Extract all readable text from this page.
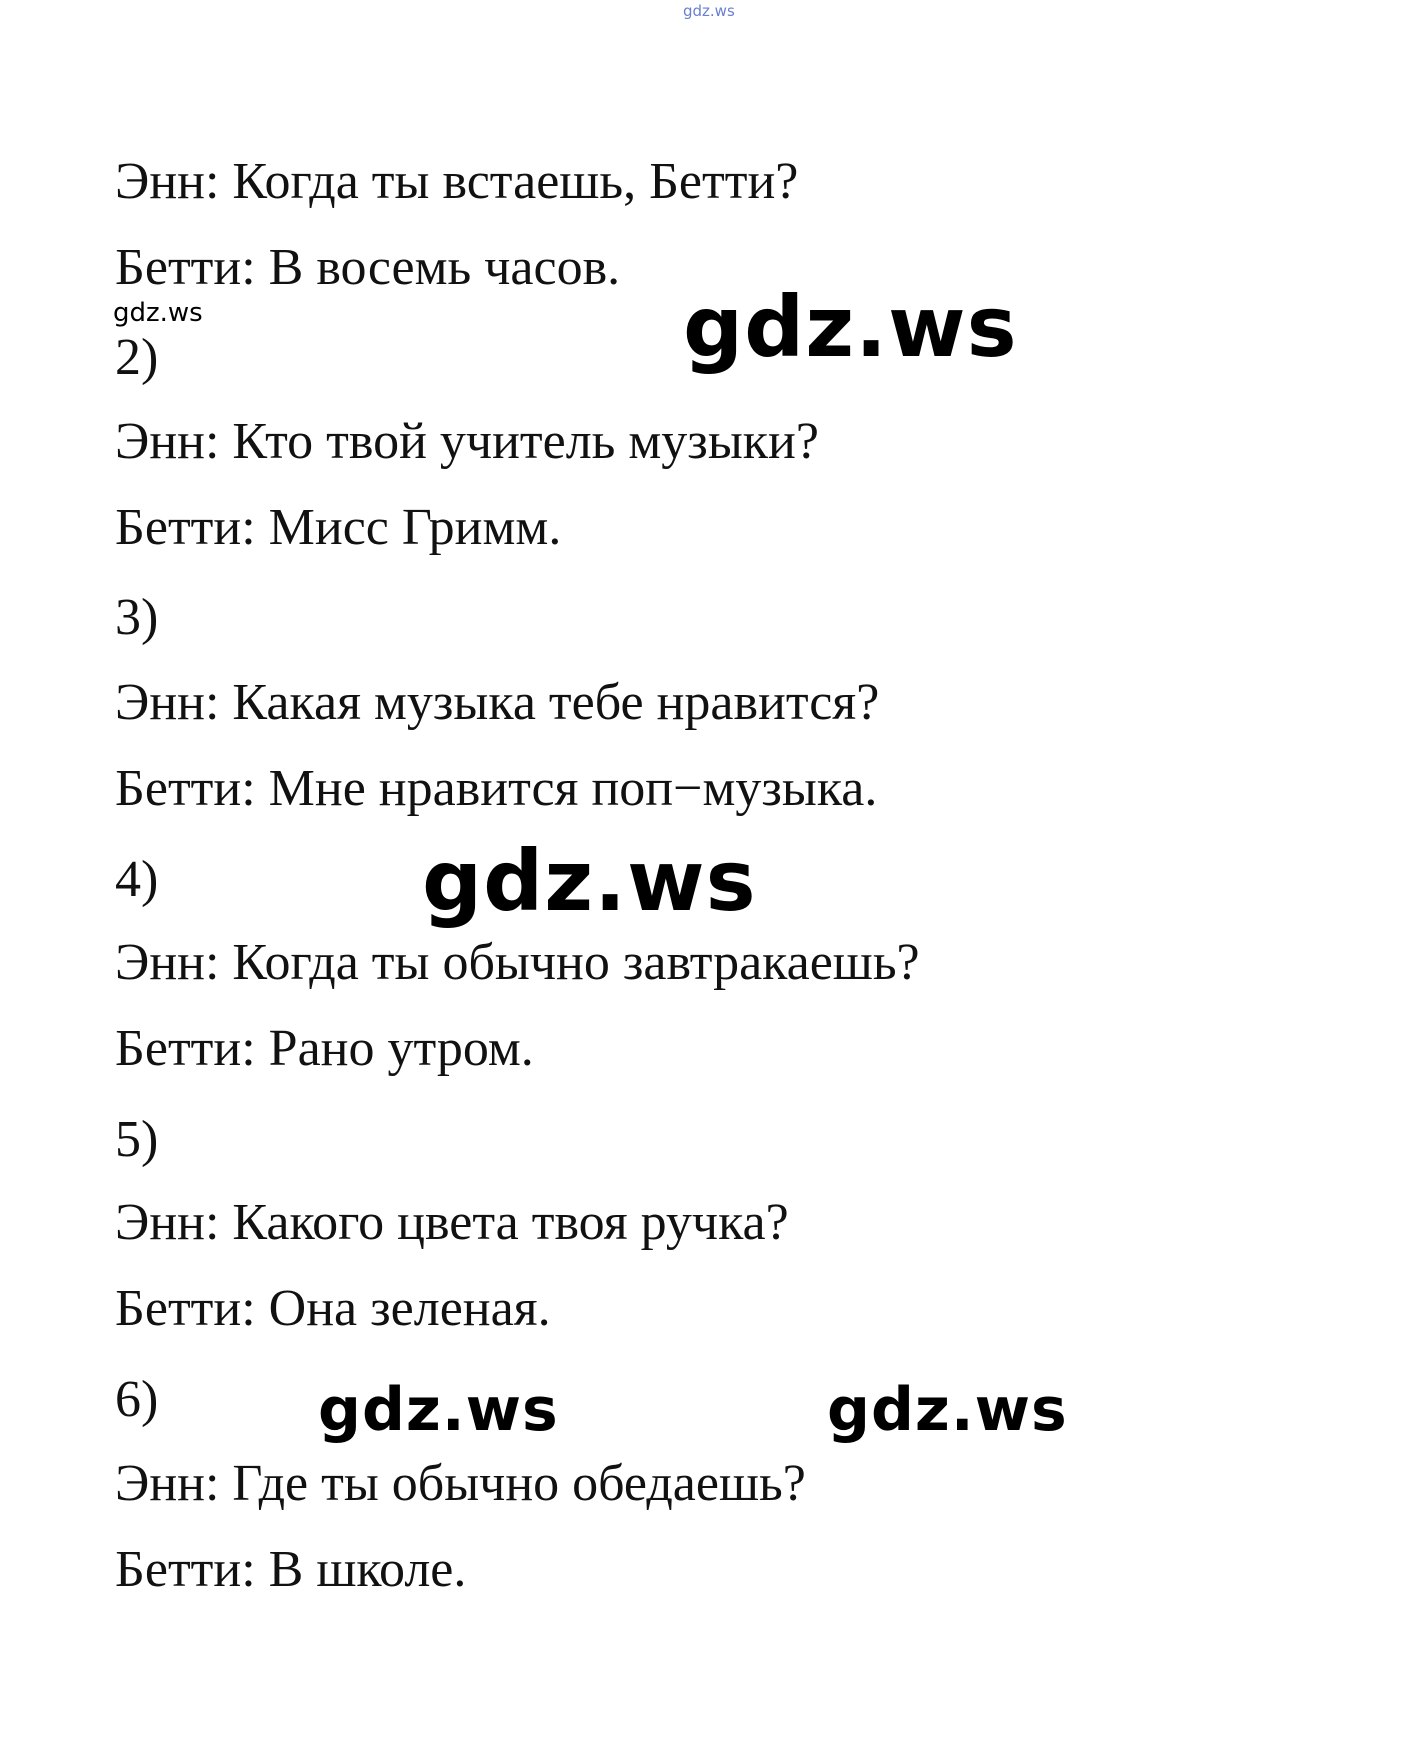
gdz.ws
Энн: Когда ты встаешь, Бетти?
Бетти: В восемь часов.
gdz.ws	gdz.ws
2)
Энн: Кто твой учитель музыки?
Бетти: Мисс Гримм.
3)
Энн: Какая музыка тебе нравится?
Бетти: Мне нравится поп−музыка.
4)	gdz.ws
Энн: Когда ты обычно завтракаешь?
Бетти: Рано утром.
5)
Энн: Какого цвета твоя ручка?
Бетти: Она зеленая.
6)	gdz.ws	gdz.ws
Энн: Где ты обычно обедаешь?
Бетти: В школе.
